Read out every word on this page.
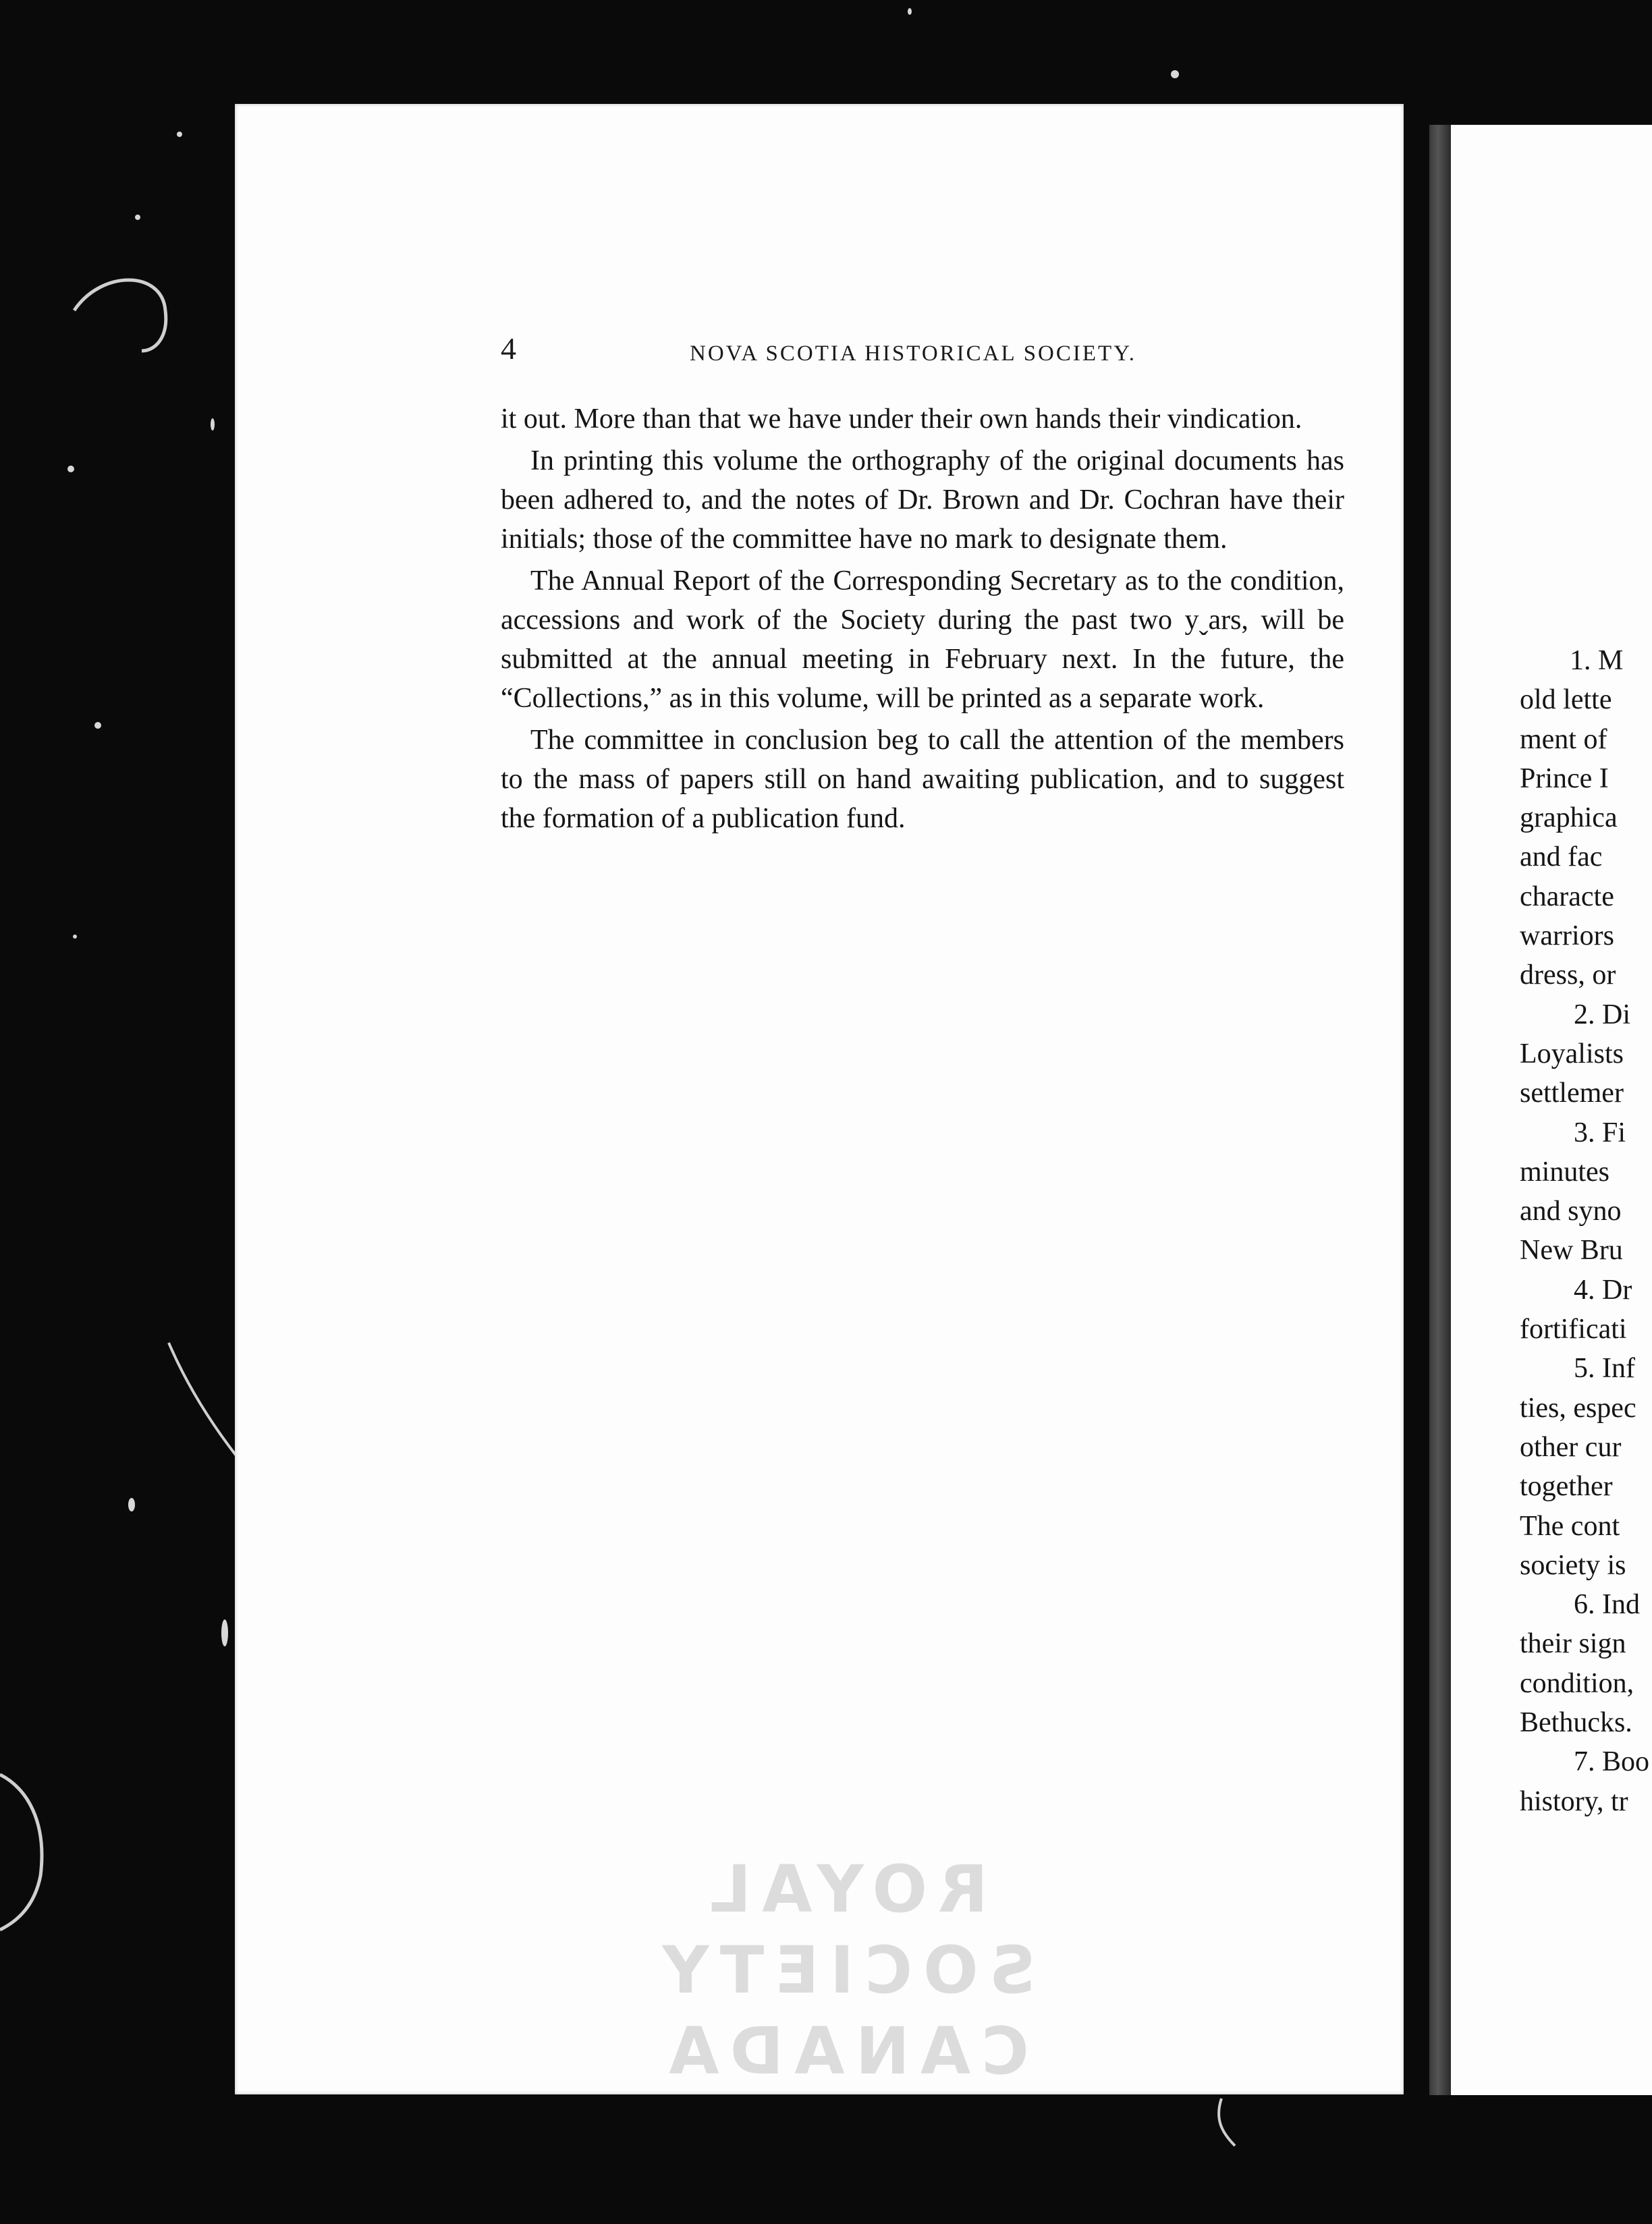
4	NOVA SCOTIA HISTORICAL SOCIETY.

it out. More than that we have under their own hands their vindication.

In printing this volume the orthography of the original documents has been adhered to, and the notes of Dr. Brown and Dr. Cochran have their initials; those of the committee have no mark to designate them.

The Annual Report of the Corresponding Secretary as to the condition, accessions and work of the Society during the past two yˬars, will be submitted at the annual meeting in February next. In the future, the “Collections,” as in this volume, will be printed as a separate work.

The committee in conclusion beg to call the attention of the members to the mass of papers still on hand awaiting publication, and to suggest the formation of a publication fund.

ROYAL SOCIETY
CANADA
1. M
old lette
ment of
Prince I
graphica
and fac
characte
warriors
dress, or
2. Di
Loyalists
settlemer
3. Fi
minutes
and syno
New Bru
4. Dr
fortificati
5. Inf
ties, espec
other cur
together
The cont
society is
6. Ind
their sign
condition,
Bethucks.
7. Boo
history, tr
